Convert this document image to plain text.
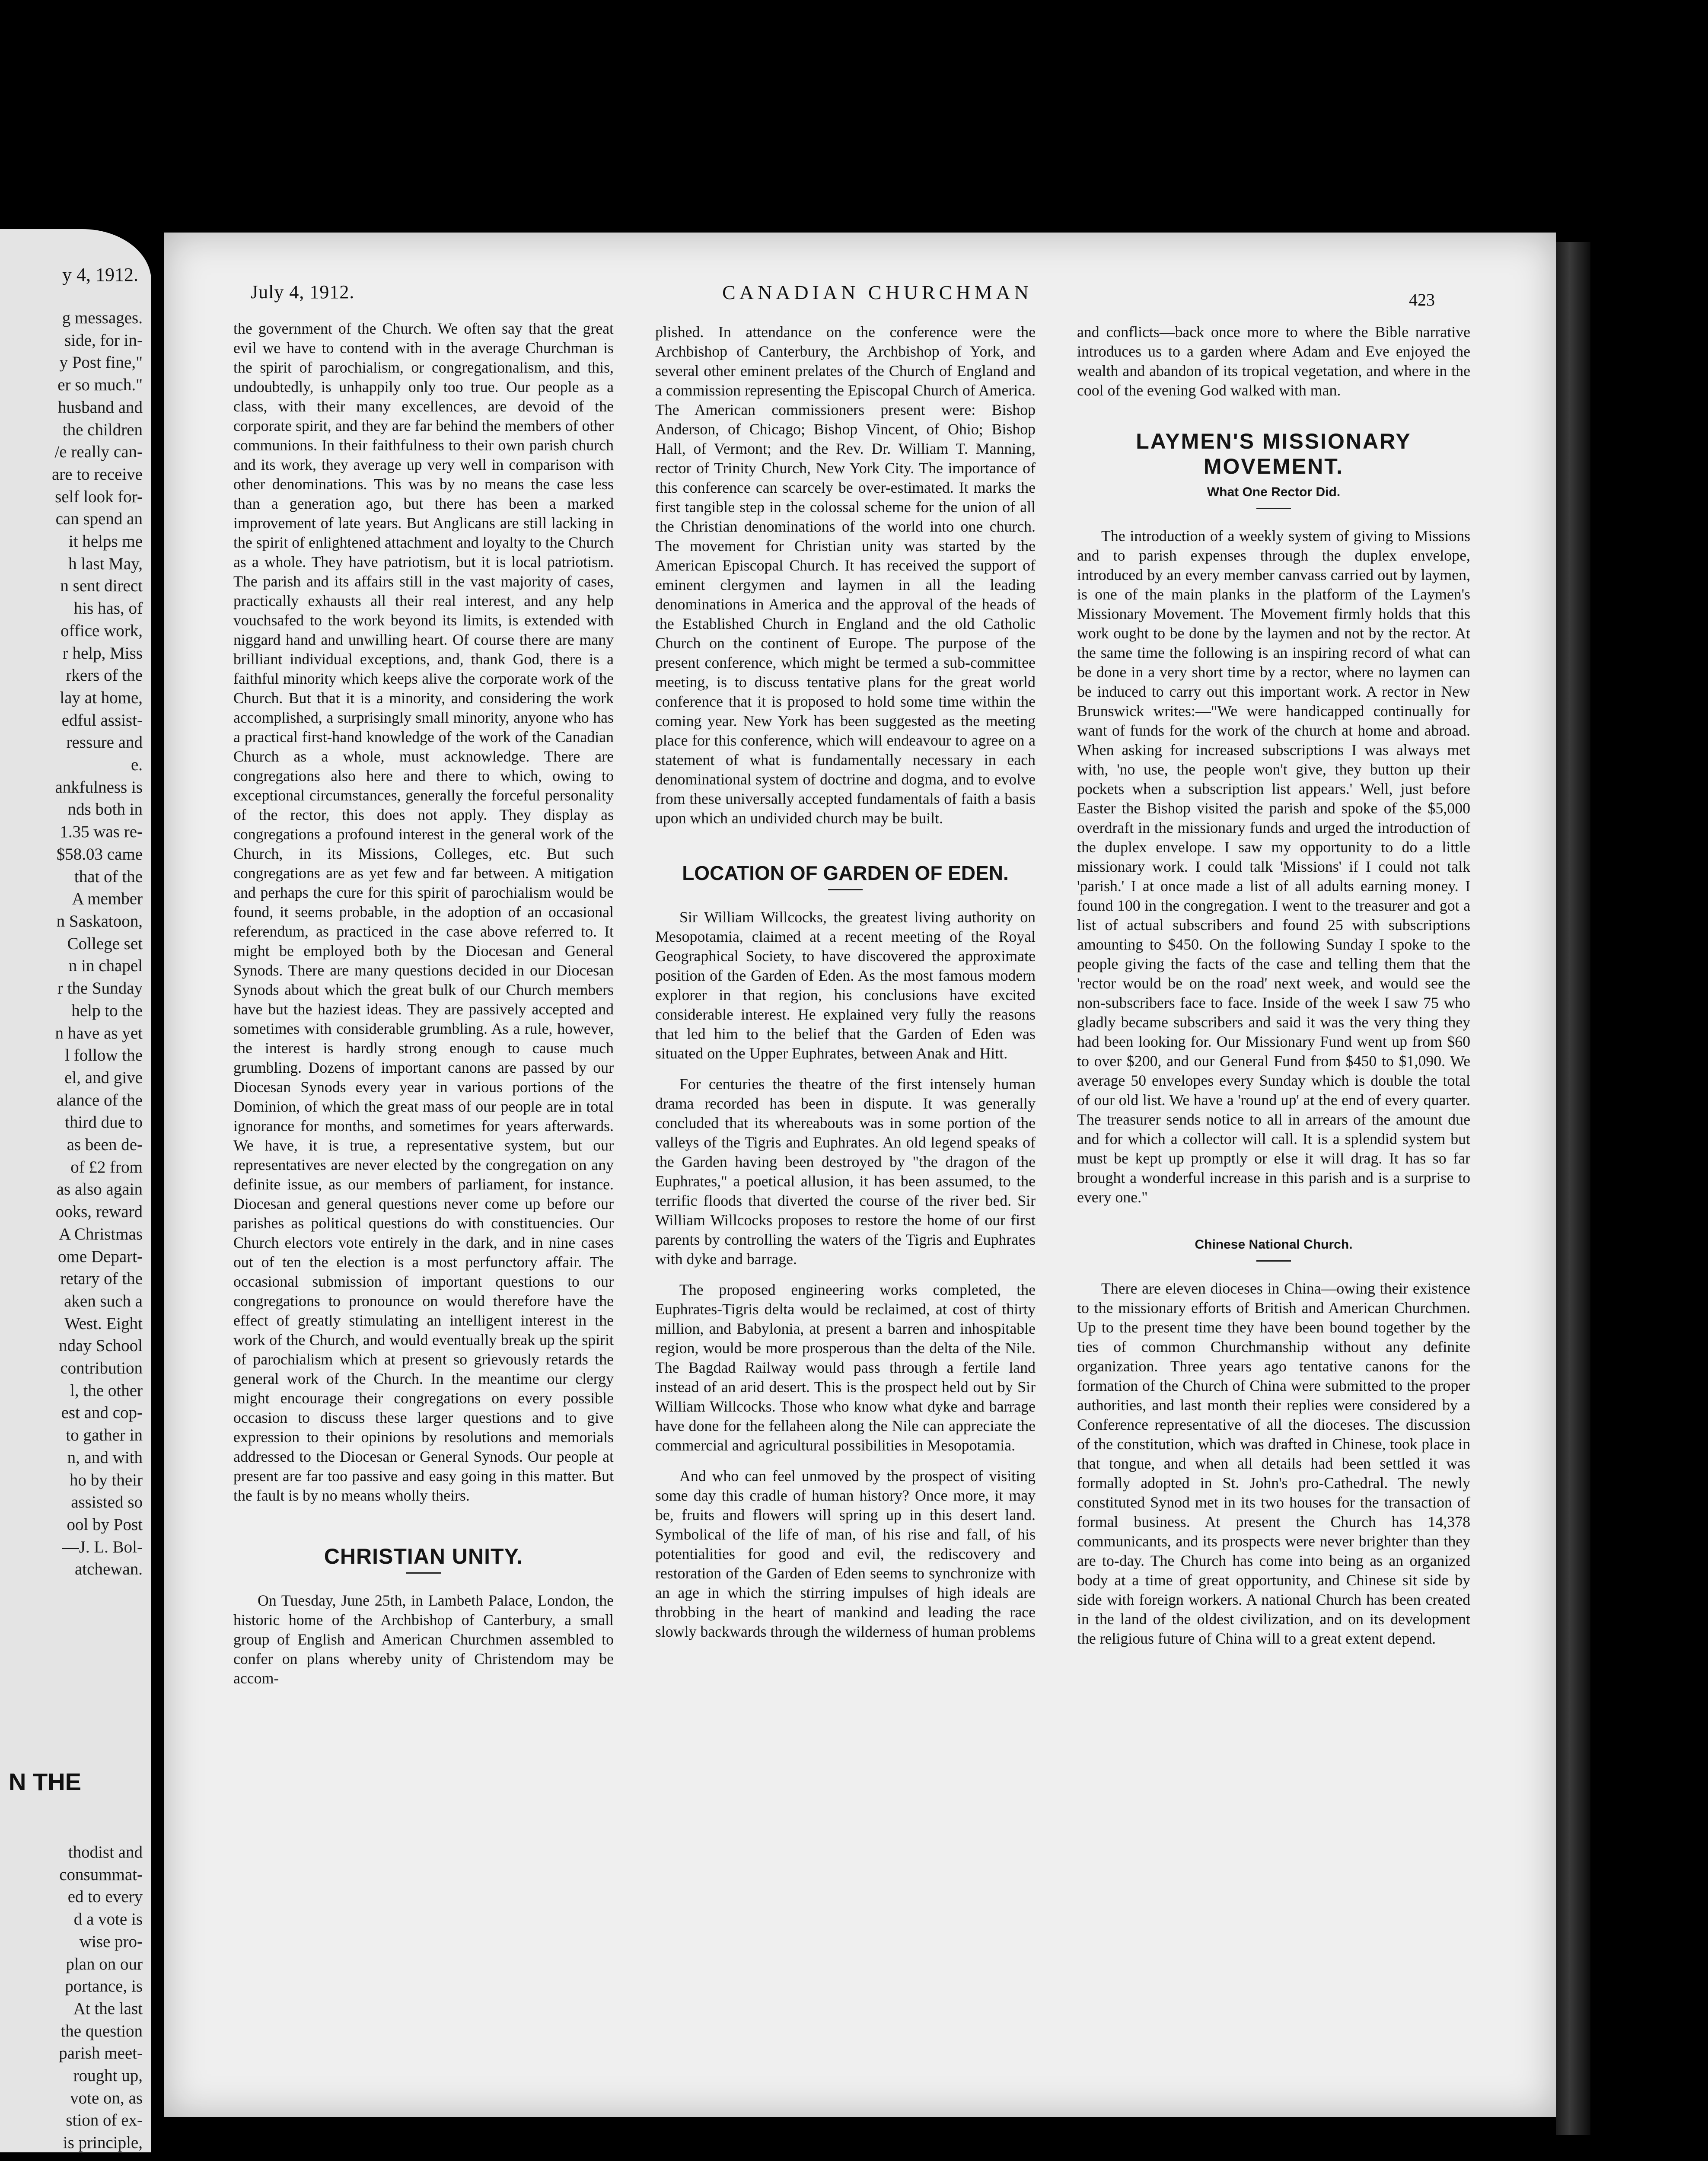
y 4, 1912.

g messages.

side, for in-

y Post fine,"

er so much."

husband and

the children

/e really can-

are to receive

self look for-

can spend an

it helps me

h last May,

n sent direct

his has, of

office work,

r help, Miss

rkers of the

lay at home,

edful assist-

ressure and

e.

ankfulness is

nds both in

1.35 was re-

$58.03 came

that of the

A member

n Saskatoon,

College set

n in chapel

r the Sunday

help to the

n have as yet

l follow the

el, and give

alance of the

third due to

as been de-

of £2 from

as also again

ooks, reward

A Christmas

ome Depart-

retary of the

aken such a

West. Eight

nday School

contribution

l, the other

est and cop-

to gather in

n, and with

ho by their

assisted so

ool by Post

—J. L. Bol-

atchewan.

N THE

thodist and

consummat-

ed to every

d a vote is

wise pro-

plan on our

portance, is

At the last

the question

parish meet-

rought up,

vote on, as

stion of ex-

is principle,

July 4, 1912.	CANADIAN CHURCHMAN	423

the government of the Church. We often say that the great evil we have to contend with in the average Churchman is the spirit of parochialism, or congregationalism, and this, undoubtedly, is unhappily only too true. Our people as a class, with their many excellences, are devoid of the corporate spirit, and they are far behind the members of other communions. In their faithfulness to their own parish church and its work, they average up very well in comparison with other denominations. This was by no means the case less than a generation ago, but there has been a marked improvement of late years. But Anglicans are still lacking in the spirit of enlightened attachment and loyalty to the Church as a whole. They have patriotism, but it is local patriotism. The parish and its affairs still in the vast majority of cases, practically exhausts all their real interest, and any help vouchsafed to the work beyond its limits, is extended with niggard hand and unwilling heart. Of course there are many brilliant individual exceptions, and, thank God, there is a faithful minority which keeps alive the corporate work of the Church. But that it is a minority, and considering the work accomplished, a surprisingly small minority, anyone who has a practical first-hand knowledge of the work of the Canadian Church as a whole, must acknowledge. There are congregations also here and there to which, owing to exceptional circumstances, generally the forceful personality of the rector, this does not apply. They display as congregations a profound interest in the general work of the Church, in its Missions, Colleges, etc. But such congregations are as yet few and far between. A mitigation and perhaps the cure for this spirit of parochialism would be found, it seems probable, in the adoption of an occasional referendum, as practiced in the case above referred to. It might be employed both by the Diocesan and General Synods. There are many questions decided in our Diocesan Synods about which the great bulk of our Church members have but the haziest ideas. They are passively accepted and sometimes with considerable grumbling. As a rule, however, the interest is hardly strong enough to cause much grumbling. Dozens of important canons are passed by our Diocesan Synods every year in various portions of the Dominion, of which the great mass of our people are in total ignorance for months, and sometimes for years afterwards. We have, it is true, a representative system, but our representatives are never elected by the congregation on any definite issue, as our members of parliament, for instance. Diocesan and general questions never come up before our parishes as political questions do with constituencies. Our Church electors vote entirely in the dark, and in nine cases out of ten the election is a most perfunctory affair. The occasional submission of important questions to our congregations to pronounce on would therefore have the effect of greatly stimulating an intelligent interest in the work of the Church, and would eventually break up the spirit of parochialism which at present so grievously retards the general work of the Church. In the meantime our clergy might encourage their congregations on every possible occasion to discuss these larger questions and to give expression to their opinions by resolutions and memorials addressed to the Diocesan or General Synods. Our people at present are far too passive and easy going in this matter. But the fault is by no means wholly theirs.

CHRISTIAN UNITY.

On Tuesday, June 25th, in Lambeth Palace, London, the historic home of the Archbishop of Canterbury, a small group of English and American Churchmen assembled to confer on plans whereby unity of Christendom may be accom-

plished. In attendance on the conference were the Archbishop of Canterbury, the Archbishop of York, and several other eminent prelates of the Church of England and a commission representing the Episcopal Church of America. The American commissioners present were: Bishop Anderson, of Chicago; Bishop Vincent, of Ohio; Bishop Hall, of Vermont; and the Rev. Dr. William T. Manning, rector of Trinity Church, New York City. The importance of this conference can scarcely be over-estimated. It marks the first tangible step in the colossal scheme for the union of all the Christian denominations of the world into one church. The movement for Christian unity was started by the American Episcopal Church. It has received the support of eminent clergymen and laymen in all the leading denominations in America and the approval of the heads of the Established Church in England and the old Catholic Church on the continent of Europe. The purpose of the present conference, which might be termed a sub-committee meeting, is to discuss tentative plans for the great world conference that it is proposed to hold some time within the coming year. New York has been suggested as the meeting place for this conference, which will endeavour to agree on a statement of what is fundamentally necessary in each denominational system of doctrine and dogma, and to evolve from these universally accepted fundamentals of faith a basis upon which an undivided church may be built.

LOCATION OF GARDEN OF EDEN.

Sir William Willcocks, the greatest living authority on Mesopotamia, claimed at a recent meeting of the Royal Geographical Society, to have discovered the approximate position of the Garden of Eden. As the most famous modern explorer in that region, his conclusions have excited considerable interest. He explained very fully the reasons that led him to the belief that the Garden of Eden was situated on the Upper Euphrates, between Anak and Hitt.

For centuries the theatre of the first intensely human drama recorded has been in dispute. It was generally concluded that its whereabouts was in some portion of the valleys of the Tigris and Euphrates. An old legend speaks of the Garden having been destroyed by "the dragon of the Euphrates," a poetical allusion, it has been assumed, to the terrific floods that diverted the course of the river bed. Sir William Willcocks proposes to restore the home of our first parents by controlling the waters of the Tigris and Euphrates with dyke and barrage.

The proposed engineering works completed, the Euphrates-Tigris delta would be reclaimed, at cost of thirty million, and Babylonia, at present a barren and inhospitable region, would be more prosperous than the delta of the Nile. The Bagdad Railway would pass through a fertile land instead of an arid desert. This is the prospect held out by Sir William Willcocks. Those who know what dyke and barrage have done for the fellaheen along the Nile can appreciate the commercial and agricultural possibilities in Mesopotamia.

And who can feel unmoved by the prospect of visiting some day this cradle of human history? Once more, it may be, fruits and flowers will spring up in this desert land. Symbolical of the life of man, of his rise and fall, of his potentialities for good and evil, the rediscovery and restoration of the Garden of Eden seems to synchronize with an age in which the stirring impulses of high ideals are throbbing in the heart of mankind and leading the race slowly backwards through the wilderness of human problems

and conflicts—back once more to where the Bible narrative introduces us to a garden where Adam and Eve enjoyed the wealth and abandon of its tropical vegetation, and where in the cool of the evening God walked with man.

LAYMEN'S MISSIONARY MOVEMENT.
What One Rector Did.

The introduction of a weekly system of giving to Missions and to parish expenses through the duplex envelope, introduced by an every member canvass carried out by laymen, is one of the main planks in the platform of the Laymen's Missionary Movement. The Movement firmly holds that this work ought to be done by the laymen and not by the rector. At the same time the following is an inspiring record of what can be done in a very short time by a rector, where no laymen can be induced to carry out this important work. A rector in New Brunswick writes:—"We were handicapped continually for want of funds for the work of the church at home and abroad. When asking for increased subscriptions I was always met with, 'no use, the people won't give, they button up their pockets when a subscription list appears.' Well, just before Easter the Bishop visited the parish and spoke of the $5,000 overdraft in the missionary funds and urged the introduction of the duplex envelope. I saw my opportunity to do a little missionary work. I could talk 'Missions' if I could not talk 'parish.' I at once made a list of all adults earning money. I found 100 in the congregation. I went to the treasurer and got a list of actual subscribers and found 25 with subscriptions amounting to $450. On the following Sunday I spoke to the people giving the facts of the case and telling them that the 'rector would be on the road' next week, and would see the non-subscribers face to face. Inside of the week I saw 75 who gladly became subscribers and said it was the very thing they had been looking for. Our Missionary Fund went up from $60 to over $200, and our General Fund from $450 to $1,090. We average 50 envelopes every Sunday which is double the total of our old list. We have a 'round up' at the end of every quarter. The treasurer sends notice to all in arrears of the amount due and for which a collector will call. It is a splendid system but must be kept up promptly or else it will drag. It has so far brought a wonderful increase in this parish and is a surprise to every one."

Chinese National Church.

There are eleven dioceses in China—owing their existence to the missionary efforts of British and American Churchmen. Up to the present time they have been bound together by the ties of common Churchmanship without any definite organization. Three years ago tentative canons for the formation of the Church of China were submitted to the proper authorities, and last month their replies were considered by a Conference representative of all the dioceses. The discussion of the constitution, which was drafted in Chinese, took place in that tongue, and when all details had been settled it was formally adopted in St. John's pro-Cathedral. The newly constituted Synod met in its two houses for the transaction of formal business. At present the Church has 14,378 communicants, and its prospects were never brighter than they are to-day. The Church has come into being as an organized body at a time of great opportunity, and Chinese sit side by side with foreign workers. A national Church has been created in the land of the oldest civilization, and on its development the religious future of China will to a great extent depend.
